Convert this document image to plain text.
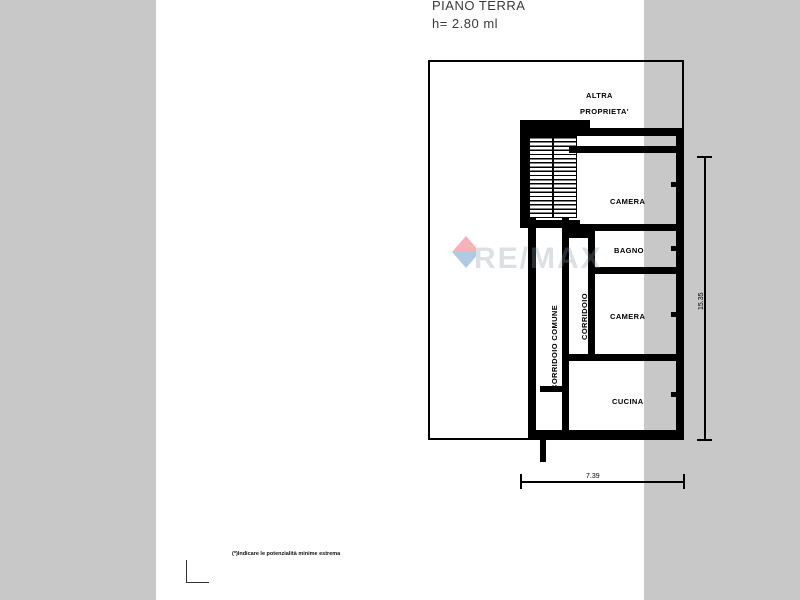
PIANO TERRA
h= 2.80 ml
ALTRA
PROPRIETA'
CAMERA
BAGNO
CAMERA
CUCINA
CORRIDOIO COMUNE	CORRIDOIO	15.35
7.39
RE/MAX
(*)Indicare le potenzialità minime estrema
